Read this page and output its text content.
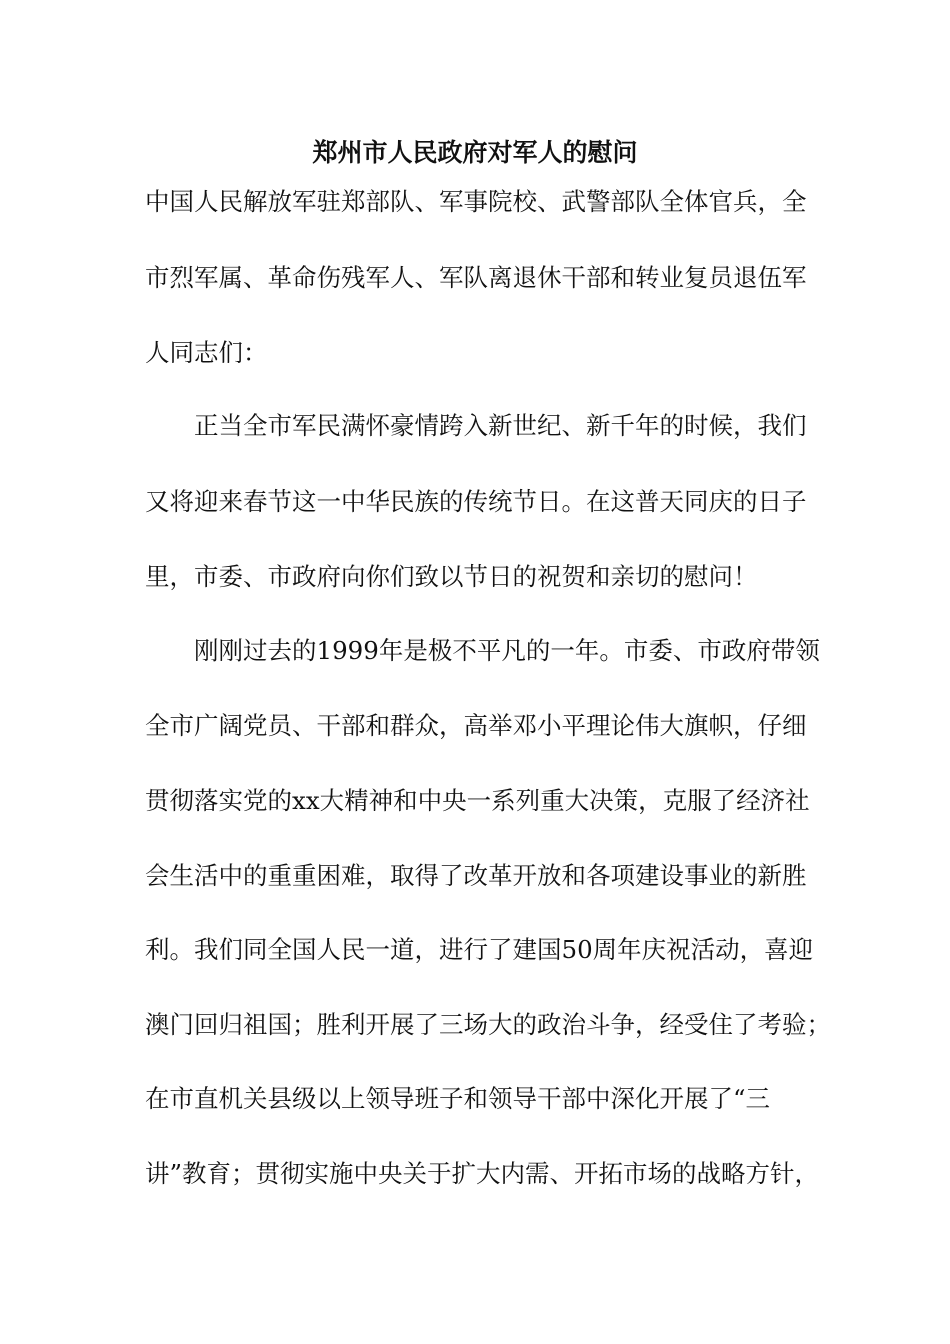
郑州市人民政府对军人的慰问
中国人民解放军驻郑部队、军事院校、武警部队全体官兵，全
市烈军属、革命伤残军人、军队离退休干部和转业复员退伍军
人同志们：
正当全市军民满怀豪情跨入新世纪、新千年的时候，我们
又将迎来春节这一中华民族的传统节日。在这普天同庆的日子
里，市委、市政府向你们致以节日的祝贺和亲切的慰问！
刚刚过去的1999年是极不平凡的一年。市委、市政府带领
全市广阔党员、干部和群众，高举邓小平理论伟大旗帜，仔细
贯彻落实党的xx大精神和中央一系列重大决策，克服了经济社
会生活中的重重困难，取得了改革开放和各项建设事业的新胜
利。我们同全国人民一道，进行了建国50周年庆祝活动，喜迎
澳门回归祖国；胜利开展了三场大的政治斗争，经受住了考验；
在市直机关县级以上领导班子和领导干部中深化开展了“三
讲”教育；贯彻实施中央关于扩大内需、开拓市场的战略方针，
